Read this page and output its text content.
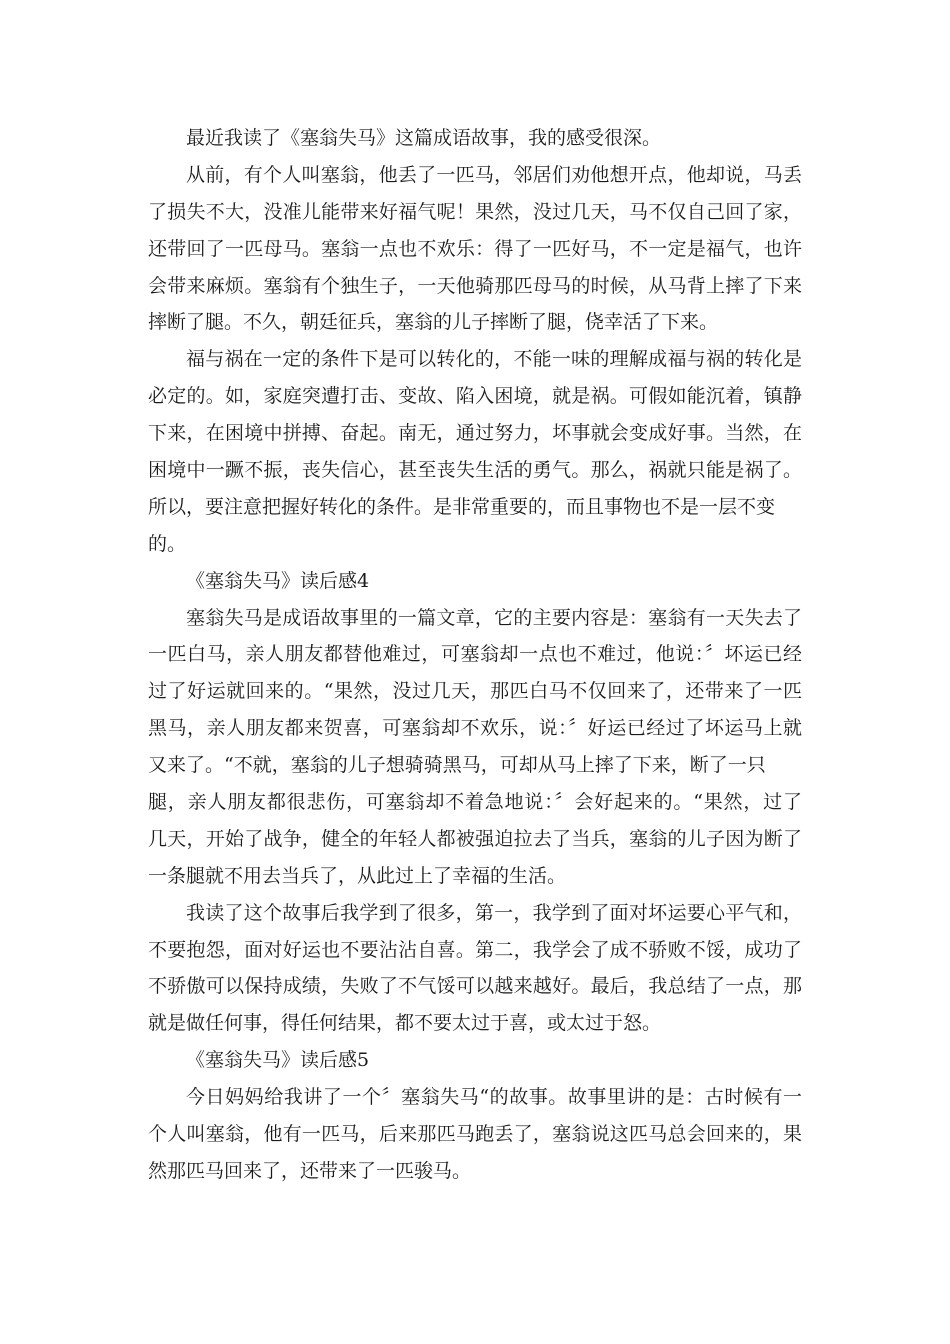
最近我读了《塞翁失马》这篇成语故事，我的感受很深。
从前，有个人叫塞翁，他丢了一匹马，邻居们劝他想开点，他却说，马丢
了损失不大，没准儿能带来好福气呢！果然，没过几天，马不仅自己回了家，
还带回了一匹母马。塞翁一点也不欢乐：得了一匹好马，不一定是福气，也许
会带来麻烦。塞翁有个独生子，一天他骑那匹母马的时候，从马背上摔了下来
摔断了腿。不久，朝廷征兵，塞翁的儿子摔断了腿，侥幸活了下来。
福与祸在一定的条件下是可以转化的，不能一味的理解成福与祸的转化是
必定的。如，家庭突遭打击、变故、陷入困境，就是祸。可假如能沉着，镇静
下来，在困境中拼搏、奋起。南无，通过努力，坏事就会变成好事。当然，在
困境中一蹶不振，丧失信心，甚至丧失生活的勇气。那么，祸就只能是祸了。
所以，要注意把握好转化的条件。是非常重要的，而且事物也不是一层不变
的。
《塞翁失马》读后感4
塞翁失马是成语故事里的一篇文章，它的主要内容是：塞翁有一天失去了
一匹白马，亲人朋友都替他难过，可塞翁却一点也不难过，他说：〞坏运已经
过了好运就回来的。“果然，没过几天，那匹白马不仅回来了，还带来了一匹
黑马，亲人朋友都来贺喜，可塞翁却不欢乐，说：〞好运已经过了坏运马上就
又来了。“不就，塞翁的儿子想骑骑黑马，可却从马上摔了下来，断了一只
腿，亲人朋友都很悲伤，可塞翁却不着急地说：〞会好起来的。“果然，过了
几天，开始了战争，健全的年轻人都被强迫拉去了当兵，塞翁的儿子因为断了
一条腿就不用去当兵了，从此过上了幸福的生活。
我读了这个故事后我学到了很多，第一，我学到了面对坏运要心平气和，
不要抱怨，面对好运也不要沾沾自喜。第二，我学会了成不骄败不馁，成功了
不骄傲可以保持成绩，失败了不气馁可以越来越好。最后，我总结了一点，那
就是做任何事，得任何结果，都不要太过于喜，或太过于怒。
《塞翁失马》读后感5
今日妈妈给我讲了一个〞塞翁失马“的故事。故事里讲的是：古时候有一
个人叫塞翁，他有一匹马，后来那匹马跑丢了，塞翁说这匹马总会回来的，果
然那匹马回来了，还带来了一匹骏马。
